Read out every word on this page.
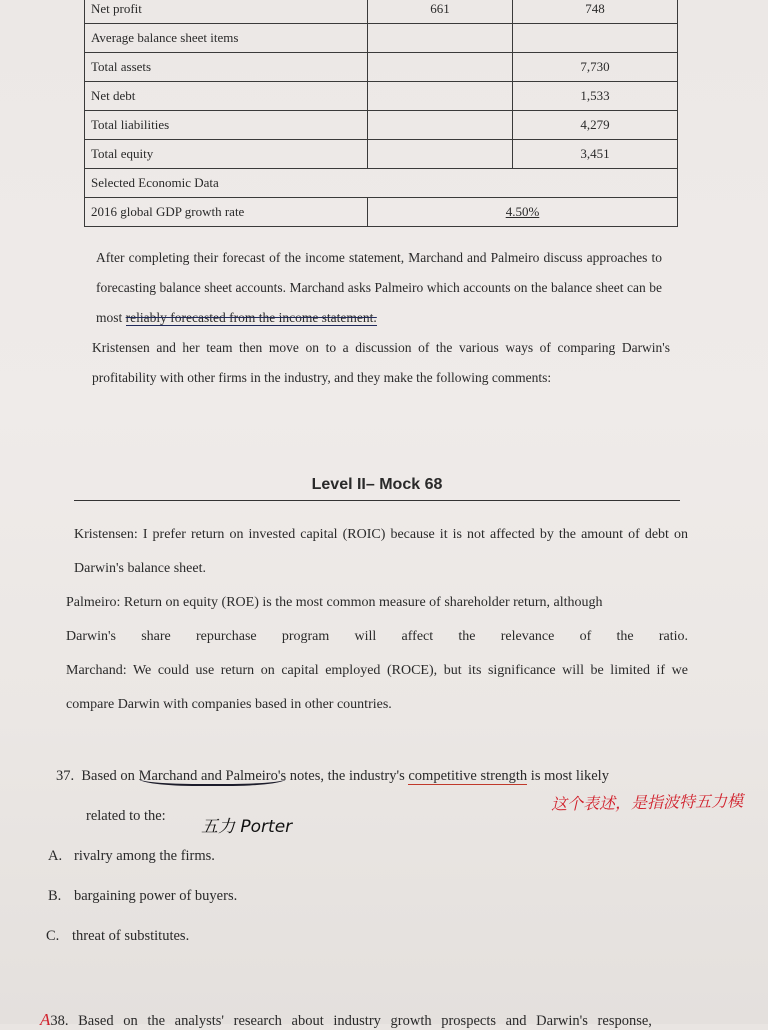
Net profit	661	748
Average balance sheet items		
Total assets		7,730
Net debt		1,533
Total liabilities		4,279
Total equity		3,451
Selected Economic Data		
2016 global GDP growth rate	4.50%	
After completing their forecast of the income statement, Marchand and Palmeiro discuss approaches to forecasting balance sheet accounts. Marchand asks Palmeiro which accounts on the balance sheet can be most reliably forecasted from the income statement.
Kristensen and her team then move on to a discussion of the various ways of comparing Darwin's profitability with other firms in the industry, and they make the following comments:
Level II– Mock 68

Kristensen: I prefer return on invested capital (ROIC) because it is not affected by the amount of debt on Darwin's balance sheet.

Palmeiro: Return on equity (ROE) is the most common measure of shareholder return, although

Darwin's share repurchase program will affect the relevance of the ratio.

Marchand: We could use return on capital employed (ROCE), but its significance will be limited if we compare Darwin with companies based in other countries.

37. Based on Marchand and Palmeiro's notes, the industry's competitive strength is most likely
这个表述，是指波特五力模
related to the:
五力 Porter
A. rivalry among the firms.
B. bargaining power of buyers.
C. threat of substitutes.
A38. Based on the analysts' research about industry growth prospects and Darwin's response,
